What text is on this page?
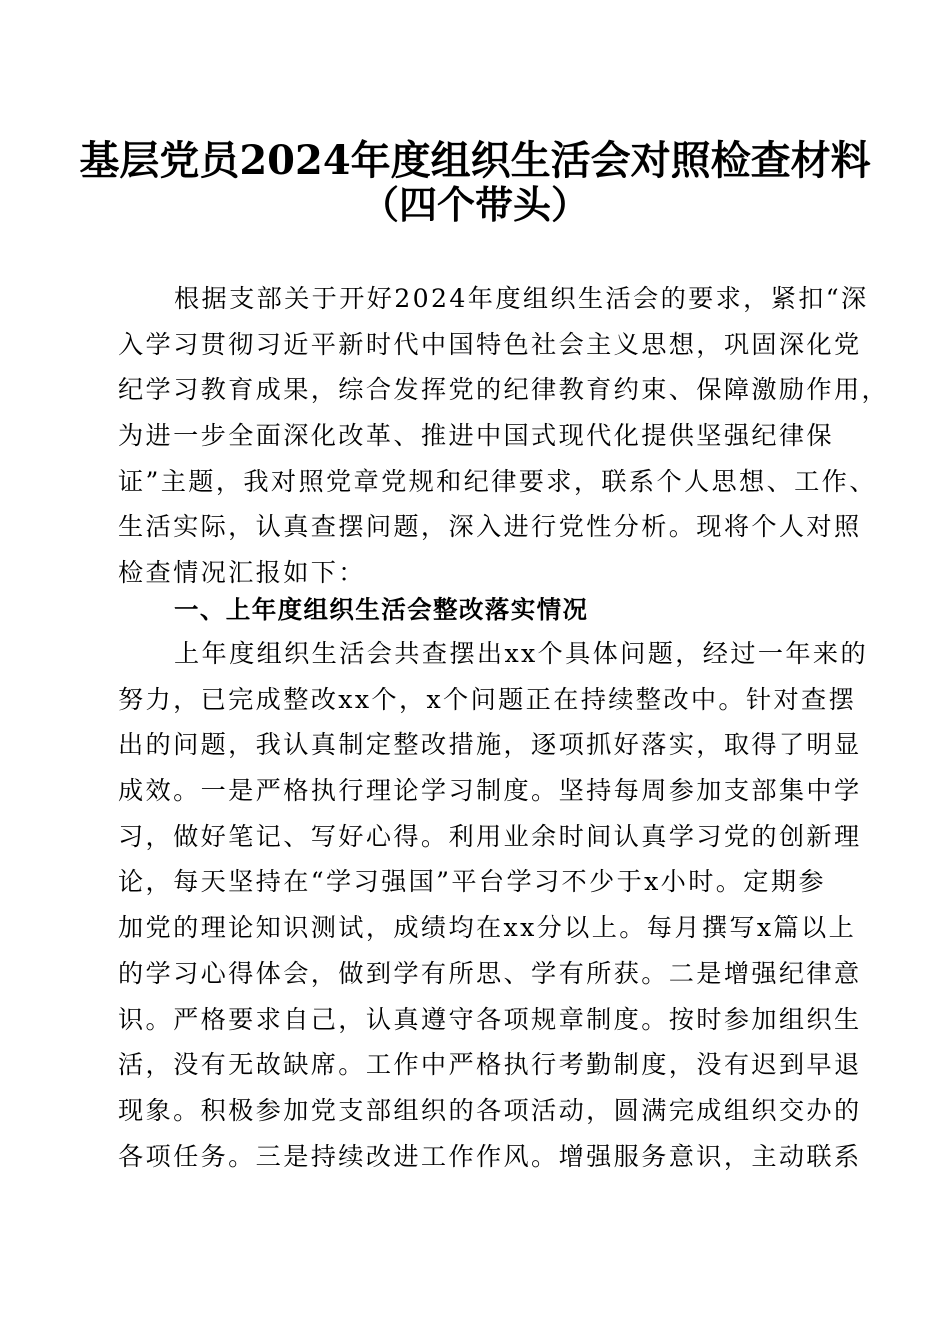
基层党员2024年度组织生活会对照检查材料
（四个带头）
根据支部关于开好2024年度组织生活会的要求，紧扣“深
入学习贯彻习近平新时代中国特色社会主义思想，巩固深化党
纪学习教育成果，综合发挥党的纪律教育约束、保障激励作用，
为进一步全面深化改革、推进中国式现代化提供坚强纪律保
证”主题，我对照党章党规和纪律要求，联系个人思想、工作、
生活实际，认真查摆问题，深入进行党性分析。现将个人对照
检查情况汇报如下：
一、上年度组织生活会整改落实情况
上年度组织生活会共查摆出xx个具体问题，经过一年来的
努力，已完成整改xx个，x个问题正在持续整改中。针对查摆
出的问题，我认真制定整改措施，逐项抓好落实，取得了明显
成效。一是严格执行理论学习制度。坚持每周参加支部集中学
习，做好笔记、写好心得。利用业余时间认真学习党的创新理
论，每天坚持在“学习强国”平台学习不少于x小时。定期参
加党的理论知识测试，成绩均在xx分以上。每月撰写x篇以上
的学习心得体会，做到学有所思、学有所获。二是增强纪律意
识。严格要求自己，认真遵守各项规章制度。按时参加组织生
活，没有无故缺席。工作中严格执行考勤制度，没有迟到早退
现象。积极参加党支部组织的各项活动，圆满完成组织交办的
各项任务。三是持续改进工作作风。增强服务意识，主动联系
